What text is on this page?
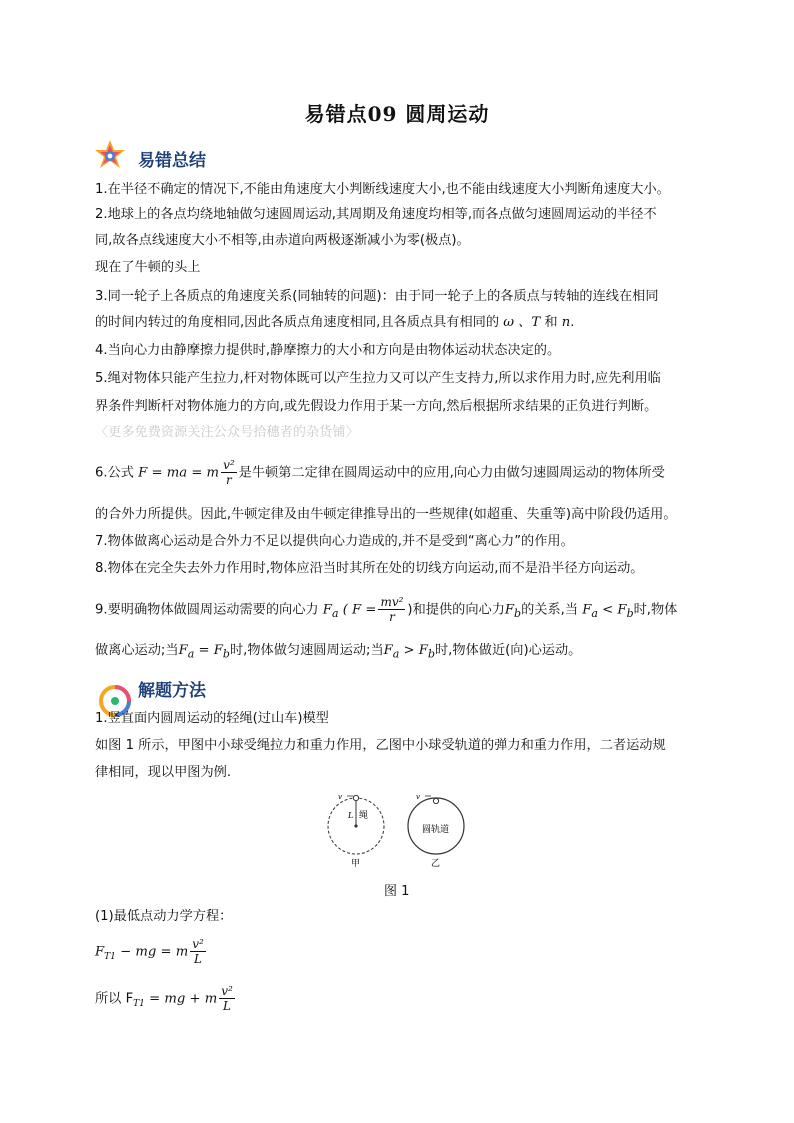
易错点09 圆周运动
易错总结
1.在半径不确定的情况下,不能由角速度大小判断线速度大小,也不能由线速度大小判断角速度大小。
2.地球上的各点均绕地轴做匀速圆周运动,其周期及角速度均相等,而各点做匀速圆周运动的半径不
同,故各点线速度大小不相等,由赤道向两极逐渐减小为零(极点)。
现在了牛顿的头上
3.同一轮子上各质点的角速度关系(同轴转的问题)：由于同一轮子上的各质点与转轴的连线在相同
的时间内转过的角度相同,因此各质点角速度相同,且各质点具有相同的 ω 、T 和 n.
4.当向心力由静摩擦力提供时,静摩擦力的大小和方向是由物体运动状态决定的。
5.绳对物体只能产生拉力,杆对物体既可以产生拉力又可以产生支持力,所以求作用力时,应先利用临
界条件判断杆对物体施力的方向,或先假设力作用于某一方向,然后根据所求结果的正负进行判断。
〈更多免费资源关注公众号拾穗者的杂货铺〉
6.公式 F = ma = m $\frac{\text{v²}}{r}$ 是牛顿第二定律在圆周运动中的应用,向心力由做匀速圆周运动的物体所受
的合外力所提供。因此,牛顿定律及由牛顿定律推导出的一些规律(如超重、失重等)高中阶段仍适用。
7.物体做离心运动是合外力不足以提供向心力造成的,并不是受到“离心力”的作用。
8.物体在完全失去外力作用时,物体应沿当时其所在处的切线方向运动,而不是沿半径方向运动。
9.要明确物体做圆周运动需要的向心力 $F_a$ ( $F = \frac{\text{mv²}}{r}$ )和提供的向心力$F_b$的关系,当 $F_a < F_b$时,物体
做离心运动;当$F_a = F_b$时,物体做匀速圆周运动;当$F_a > F_b$时,物体做近(向)心运动。
解题方法
1.竖直面内圆周运动的轻绳(过山车)模型
如图 1 所示，甲图中小球受绳拉力和重力作用，乙图中小球受轨道的弹力和重力作用，二者运动规
律相同，现以甲图为例.
v
L 绳
v
圆轨道
甲	乙
图 1
(1)最低点动力学方程：
$F_{T1}$ − mg = m $\frac{\text{v²}}{L}$
所以 $F_{T1}$ = mg + m $\frac{\text{v²}}{L}$
